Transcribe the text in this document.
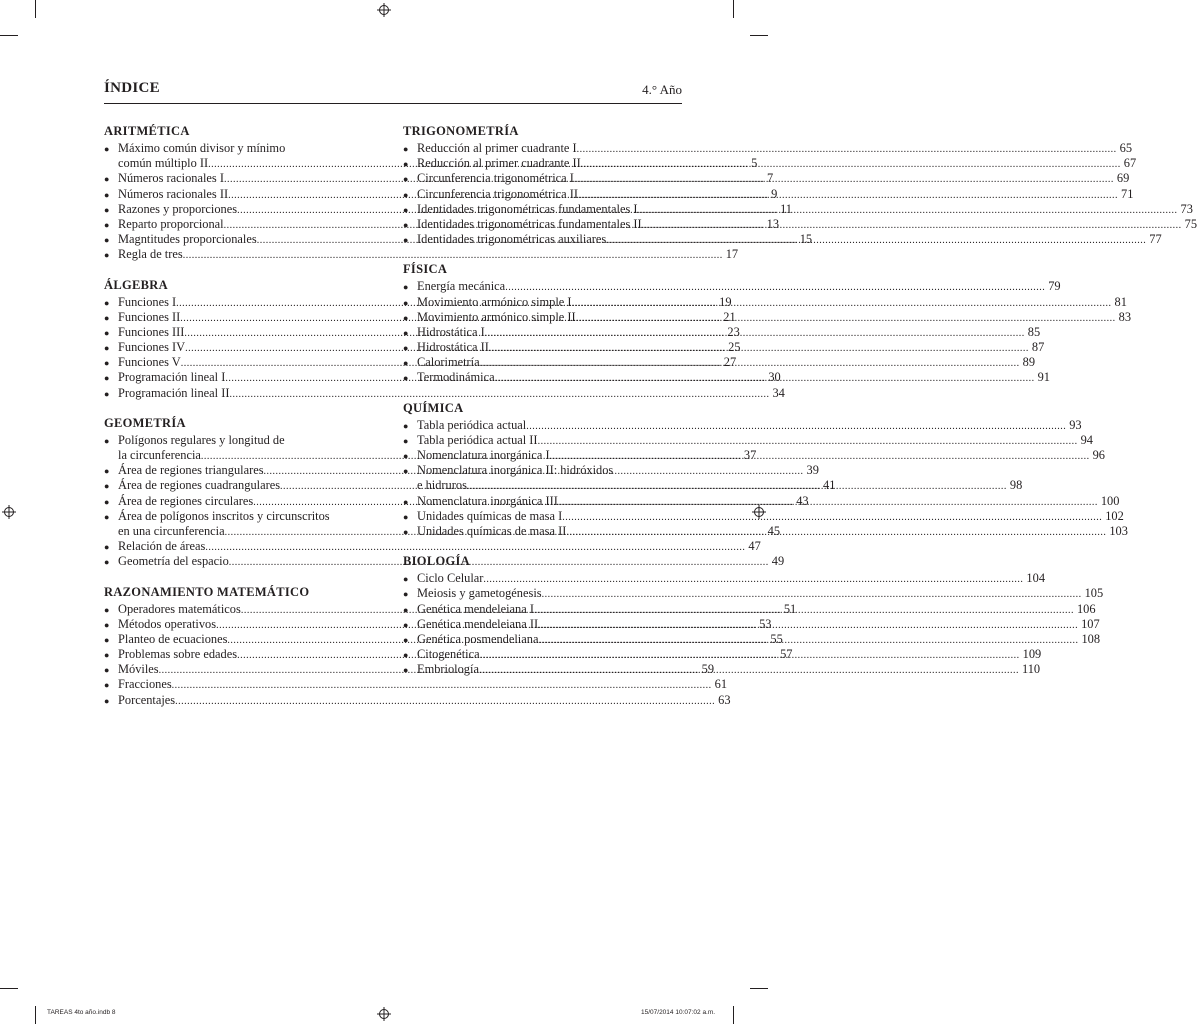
ÍNDICE	4.° Año
ARITMÉTICA
● Máximo común divisor y mínimo
común múltiplo II .....	5
● Números racionales I .....	7
● Números racionales II .....	9
● Razones y proporciones .....	11
● Reparto proporcional .....	13
● Magntitudes proporcionales .....	15
● Regla de tres .....	17
ÁLGEBRA
● Funciones I .....	19
● Funciones II .....	21
● Funciones III .....	23
● Funciones IV .....	25
● Funciones V .....	27
● Programación lineal I .....	30
● Programación lineal II .....	34
GEOMETRÍA
● Polígonos regulares y longitud de
la circunferencia .....	37
● Área de regiones triangulares .....	39
● Área de regiones cuadrangulares .....	41
● Área de regiones circulares .....	43
● Área de polígonos inscritos y circunscritos
en una circunferencia .....	45
● Relación de áreas .....	47
● Geometría del espacio .....	49
RAZONAMIENTO MATEMÁTICO
● Operadores matemáticos .....	51
● Métodos operativos .....	53
● Planteo de ecuaciones .....	55
● Problemas sobre edades .....	57
● Móviles .....	59
● Fracciones .....	61
● Porcentajes .....	63
TRIGONOMETRÍA
● Reducción al primer cuadrante I .....	65
● Reducción al primer cuadrante II .....	67
● Circunferencia trigonométrica I .....	69
● Circunferencia trigonométrica II .....	71
● Identidades trigonométricas fundamentales I .....	73
● Identidades trigonométricas fundamentales II .....	75
● Identidades trigonométricas auxiliares .....	77
FÍSICA
● Energía mecánica .....	79
● Movimiento armónico simple I .....	81
● Movimiento armónico simple II .....	83
● Hidrostática I .....	85
● Hidrostática II .....	87
● Calorimetría .....	89
● Termodinámica .....	91
QUÍMICA
● Tabla periódica actual .....	93
● Tabla periódica actual II .....	94
● Nomenclatura inorgánica I .....	96
● Nomenclatura inorgánica II: hidróxidos
e hidruros .....	98
● Nomenclatura inorgánica III .....	100
● Unidades químicas de masa I .....	102
● Unidades químicas de masa II .....	103
BIOLOGÍA
● Ciclo Celular .....	104
● Meiosis y gametogénesis .....	105
● Genética mendeleiana I .....	106
● Genética mendeleiana II .....	107
● Genética posmendeliana .....	108
● Citogenética .....	109
● Embriología .....	110
TAREAS 4to año.indb 8	15/07/2014 10:07:02 a.m.
